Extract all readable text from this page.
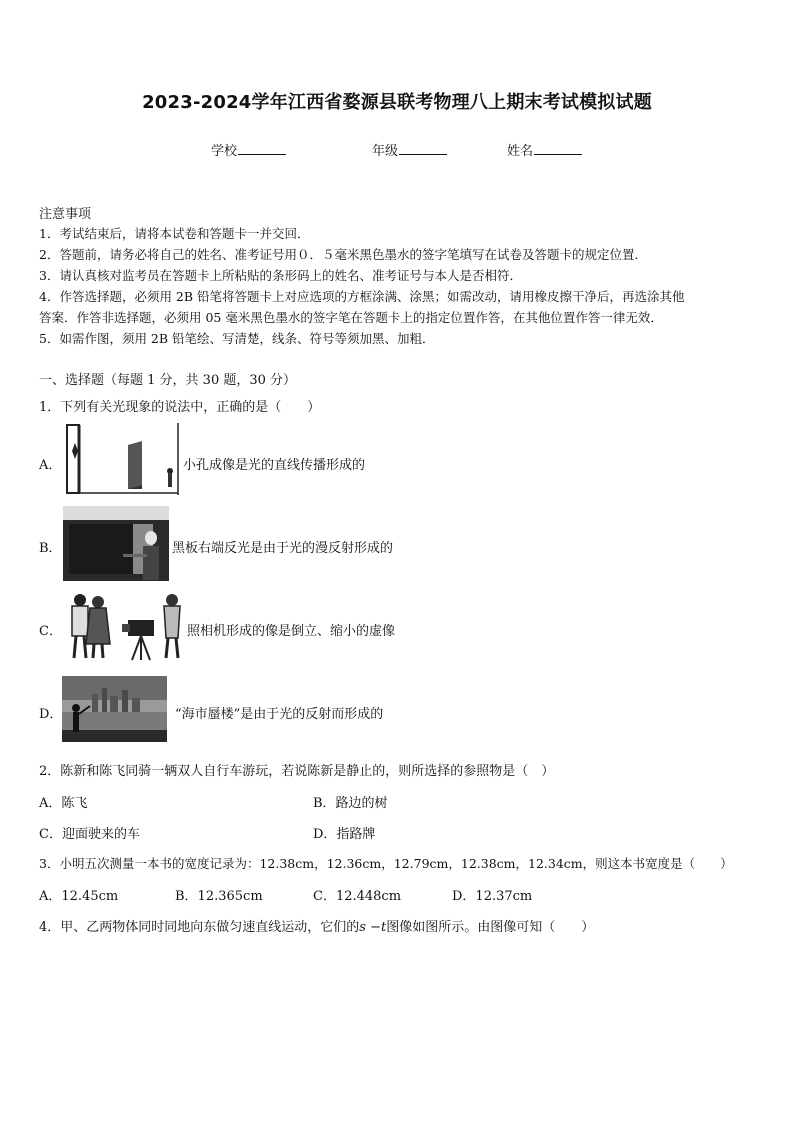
2023-2024学年江西省婺源县联考物理八上期末考试模拟试题
学校	年级	姓名
注意事项
1．考试结束后，请将本试卷和答题卡一并交回．
2．答题前，请务必将自己的姓名、准考证号用０．５毫米黑色墨水的签字笔填写在试卷及答题卡的规定位置．
3．请认真核对监考员在答题卡上所粘贴的条形码上的姓名、准考证号与本人是否相符．
4．作答选择题，必须用 2B 铅笔将答题卡上对应选项的方框涂满、涂黑；如需改动，请用橡皮擦干净后，再选涂其他
答案．作答非选择题，必须用 05 毫米黑色墨水的签字笔在答题卡上的指定位置作答，在其他位置作答一律无效．
5．如需作图，须用 2B 铅笔绘、写清楚，线条、符号等须加黑、加粗．
一、选择题（每题 1 分，共 30 题，30 分）
1．下列有关光现象的说法中，正确的是（　　）
A．	小孔成像是光的直线传播形成的
B．	黑板右端反光是由于光的漫反射形成的
C．	照相机形成的像是倒立、缩小的虚像
D．	“海市蜃楼”是由于光的反射而形成的
2．陈新和陈飞同骑一辆双人自行车游玩，若说陈新是静止的，则所选择的参照物是（　）
A．陈飞	B．路边的树
C．迎面驶来的车	D．指路牌
3．小明五次测量一本书的宽度记录为：12.38cm，12.36cm，12.79cm，12.38cm，12.34cm，则这本书宽度是（　　）
A．12.45cm	B．12.365cm	C．12.448cm	D．12.37cm
4．甲、乙两物体同时同地向东做匀速直线运动，它们的s −t图像如图所示。由图像可知（　　）
